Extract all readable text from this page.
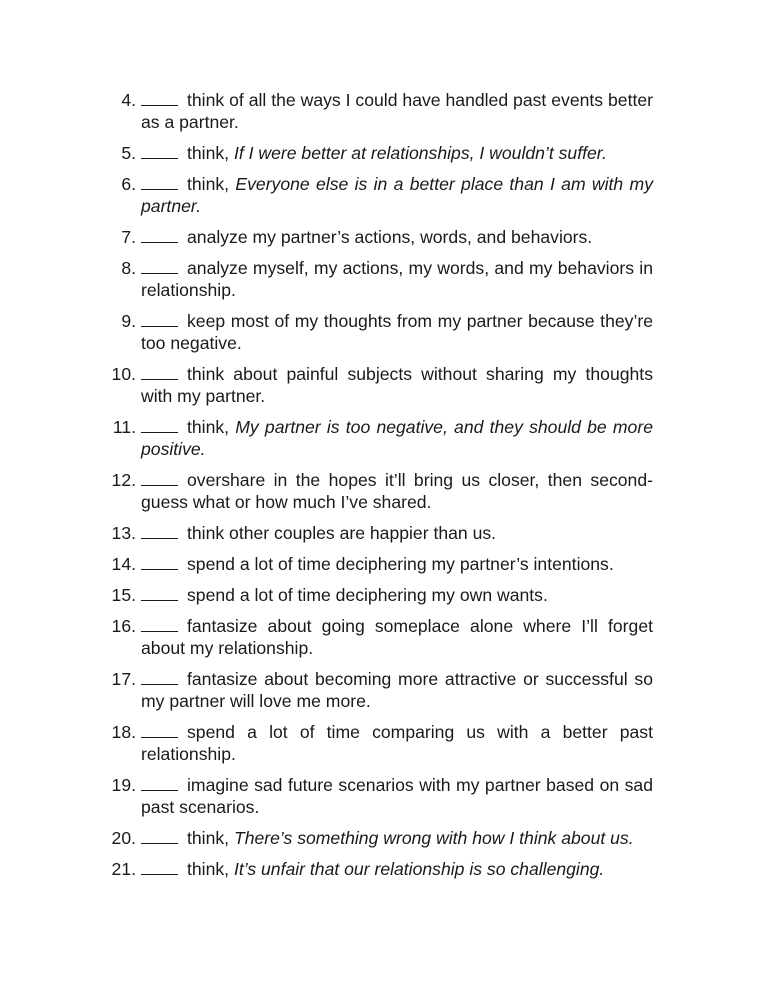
4.	think of all the ways I could have handled past events better as a partner.
5.	think, If I were better at relationships, I wouldn’t suffer.
6.	think, Everyone else is in a better place than I am with my partner.
7.	analyze my partner’s actions, words, and behaviors.
8.	analyze myself, my actions, my words, and my behaviors in relationship.
9.	keep most of my thoughts from my partner because they’re too negative.
10.	think about painful subjects without sharing my thoughts with my partner.
11.	think, My partner is too negative, and they should be more positive.
12.	overshare in the hopes it’ll bring us closer, then second-guess what or how much I’ve shared.
13.	think other couples are happier than us.
14.	spend a lot of time deciphering my partner’s intentions.
15.	spend a lot of time deciphering my own wants.
16.	fantasize about going someplace alone where I’ll forget about my relationship.
17.	fantasize about becoming more attractive or successful so my partner will love me more.
18.	spend a lot of time comparing us with a better past relationship.
19.	imagine sad future scenarios with my partner based on sad past scenarios.
20.	think, There’s something wrong with how I think about us.
21.	think, It’s unfair that our relationship is so challenging.
